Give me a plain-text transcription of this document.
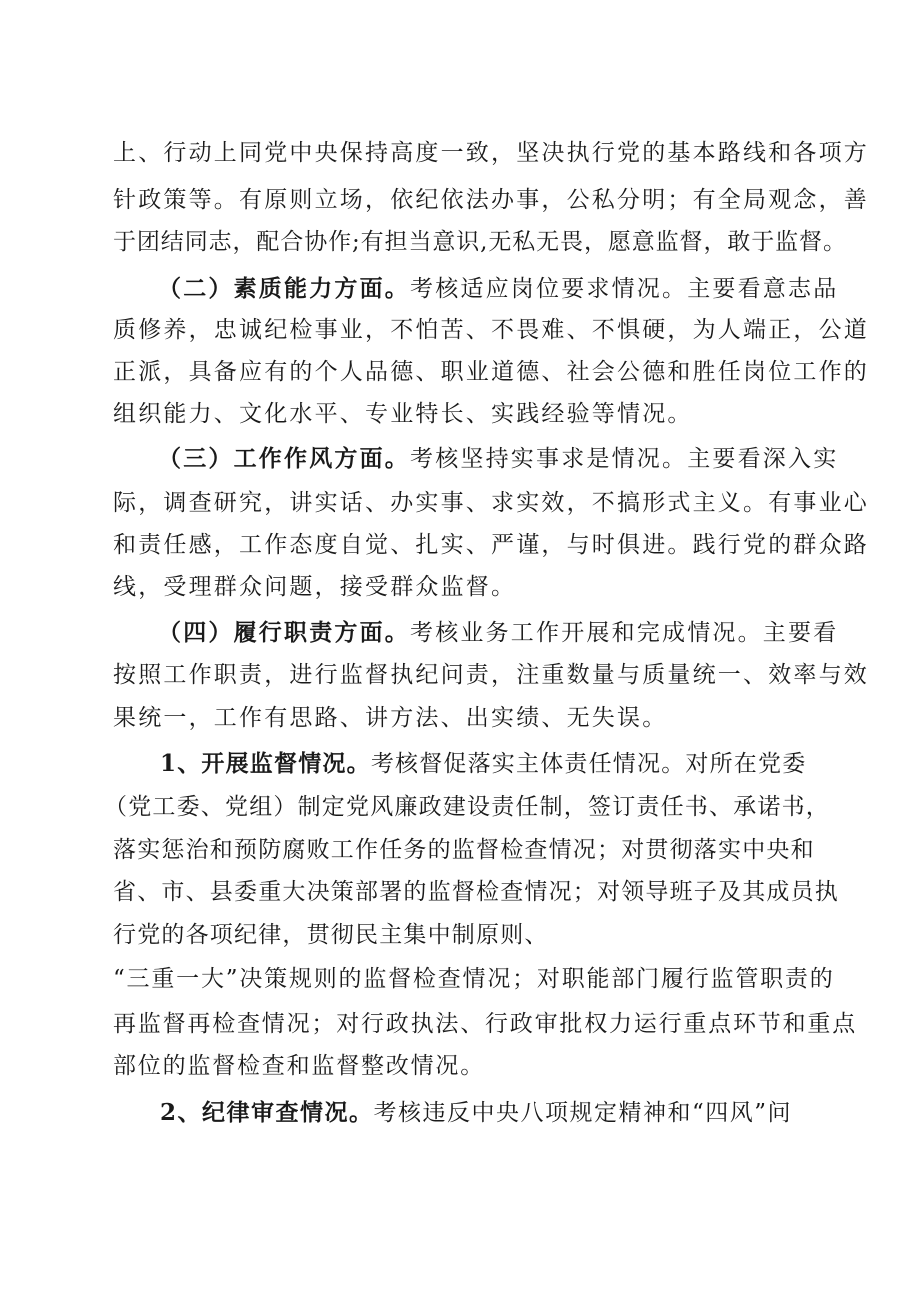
上、行动上同党中央保持高度一致，坚决执行党的基本路线和各项方
针政策等。有原则立场，依纪依法办事，公私分明；有全局观念，善
于团结同志，配合协作;有担当意识,无私无畏，愿意监督，敢于监督。
（二）素质能力方面。考核适应岗位要求情况。主要看意志品
质修养，忠诚纪检事业，不怕苦、不畏难、不惧硬，为人端正，公道
正派，具备应有的个人品德、职业道德、社会公德和胜任岗位工作的
组织能力、文化水平、专业特长、实践经验等情况。
（三）工作作风方面。考核坚持实事求是情况。主要看深入实
际，调查研究，讲实话、办实事、求实效，不搞形式主义。有事业心
和责任感，工作态度自觉、扎实、严谨，与时俱进。践行党的群众路
线，受理群众问题，接受群众监督。
（四）履行职责方面。考核业务工作开展和完成情况。主要看
按照工作职责，进行监督执纪问责，注重数量与质量统一、效率与效
果统一，工作有思路、讲方法、出实绩、无失误。
1、开展监督情况。考核督促落实主体责任情况。对所在党委
（党工委、党组）制定党风廉政建设责任制，签订责任书、承诺书，
落实惩治和预防腐败工作任务的监督检查情况；对贯彻落实中央和
省、市、县委重大决策部署的监督检查情况；对领导班子及其成员执
行党的各项纪律，贯彻民主集中制原则、
“三重一大”决策规则的监督检查情况；对职能部门履行监管职责的
再监督再检查情况；对行政执法、行政审批权力运行重点环节和重点
部位的监督检查和监督整改情况。
2、纪律审查情况。考核违反中央八项规定精神和“四风”问
